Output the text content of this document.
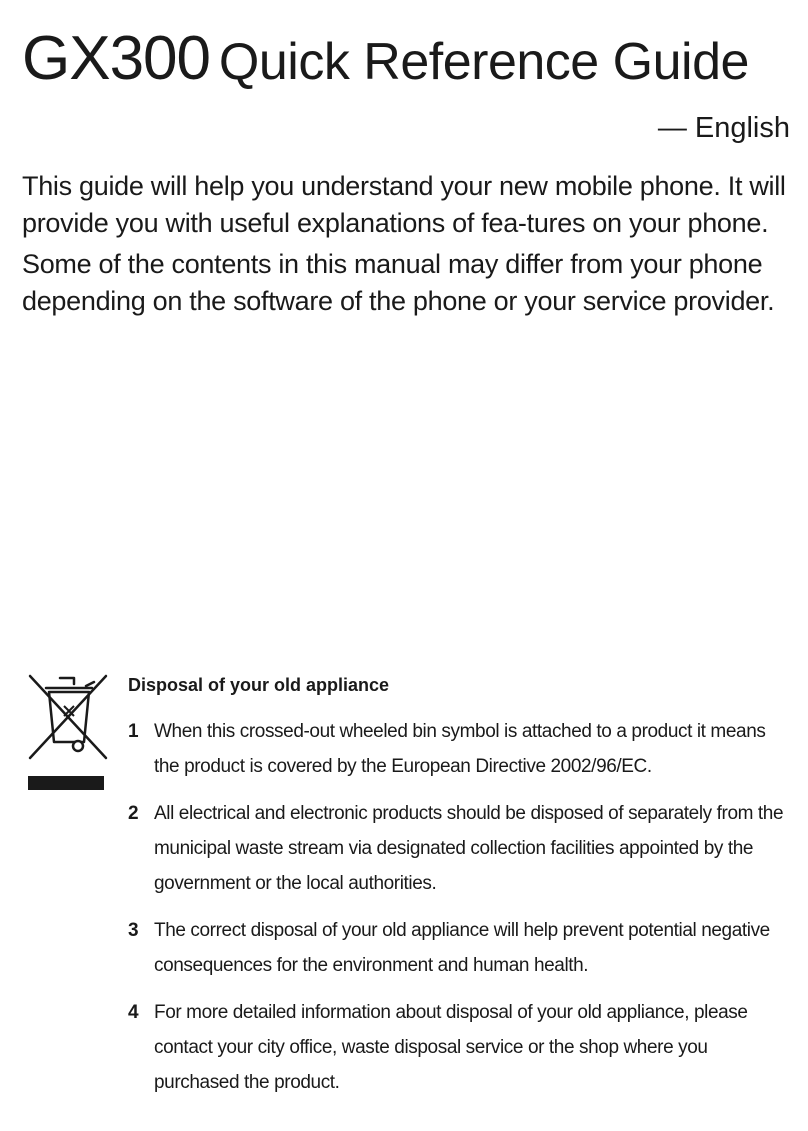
GX300 Quick Reference Guide
— English

This guide will help you understand your new mobile phone. It will provide you with useful explanations of fea-tures on your phone.

Some of the contents in this manual may differ from your phone depending on the software of the phone or your service provider.

Disposal of your old appliance
1 When this crossed-out wheeled bin symbol is attached to a product it means the product is covered by the European Directive 2002/96/EC.
2 All electrical and electronic products should be disposed of separately from the municipal waste stream via designated collection facilities appointed by the government or the local authorities.
3 The correct disposal of your old appliance will help prevent potential negative consequences for the environment and human health.
4 For more detailed information about disposal of your old appliance, please contact your city office, waste disposal service or the shop where you purchased the product.
